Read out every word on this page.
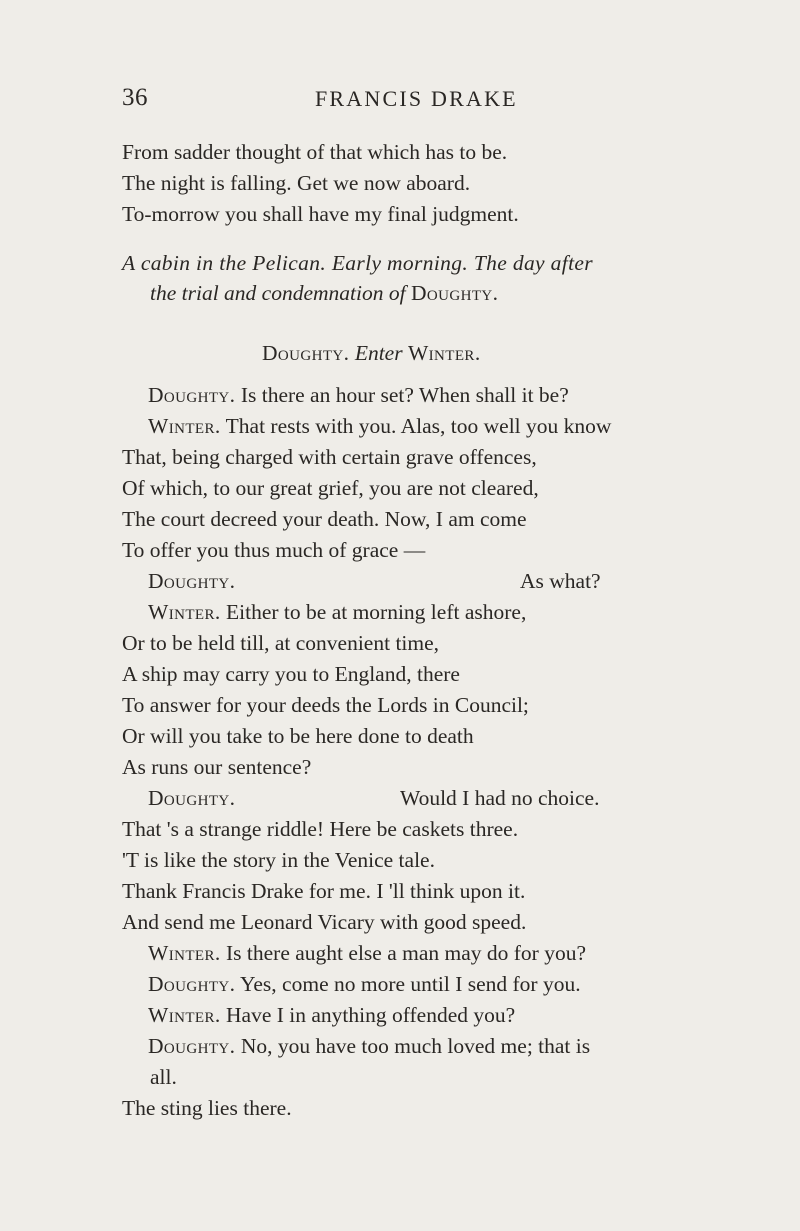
36	FRANCIS DRAKE
From sadder thought of that which has to be.
The night is falling. Get we now aboard.
To-morrow you shall have my final judgment.
A cabin in the Pelican. Early morning. The day after
the trial and condemnation of Doughty.
Doughty. Enter Winter.
Doughty. Is there an hour set? When shall it be?
Winter. That rests with you. Alas, too well you know
That, being charged with certain grave offences,
Of which, to our great grief, you are not cleared,
The court decreed your death. Now, I am come
To offer you thus much of grace —
Doughty.	As what?
Winter. Either to be at morning left ashore,
Or to be held till, at convenient time,
A ship may carry you to England, there
To answer for your deeds the Lords in Council;
Or will you take to be here done to death
As runs our sentence?
Doughty.	Would I had no choice.
That 's a strange riddle! Here be caskets three.
'T is like the story in the Venice tale.
Thank Francis Drake for me. I 'll think upon it.
And send me Leonard Vicary with good speed.
Winter. Is there aught else a man may do for you?
Doughty. Yes, come no more until I send for you.
Winter. Have I in anything offended you?
Doughty. No, you have too much loved me; that is
all.
The sting lies there.
